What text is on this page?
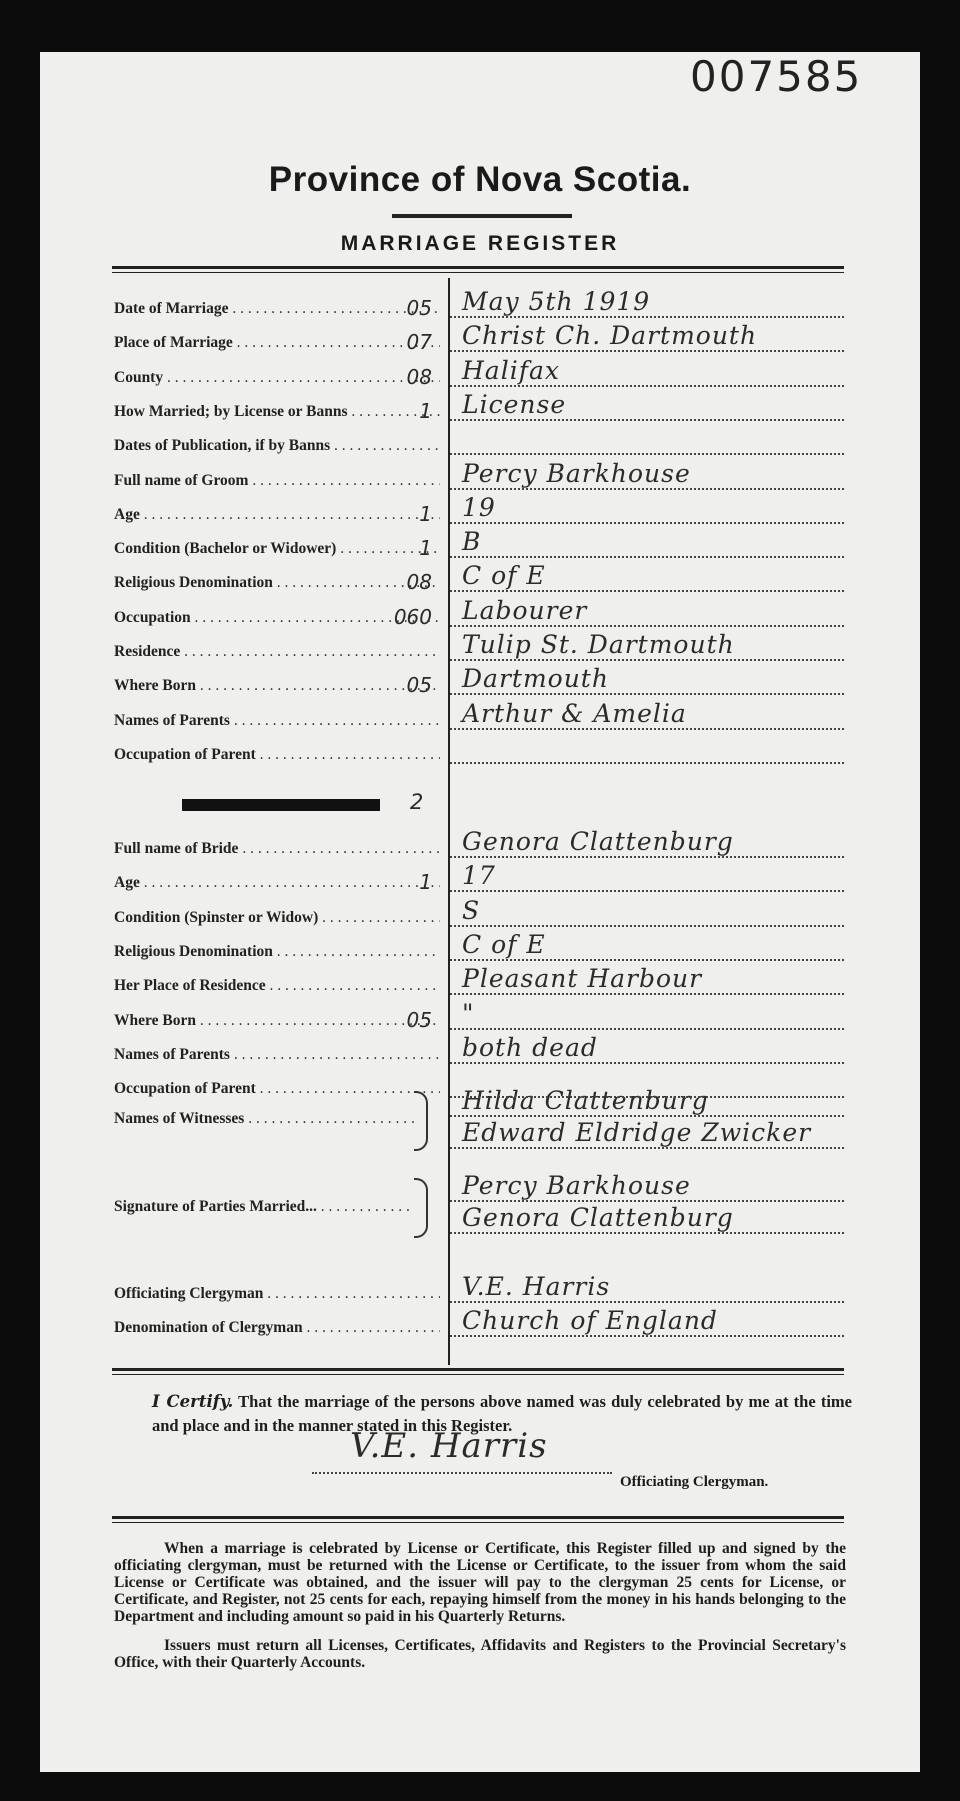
007585
Province of Nova Scotia.
MARRIAGE REGISTER
2
Names of Witnesses . . .
Hilda Clattenburg
Edward Eldridge Zwicker
Signature of Parties Married... . . .
Percy Barkhouse
Genora Clattenburg
I Certify. That the marriage of the persons above named was duly celebrated by me at the time and place and in the manner stated in this Register.
V.E. Harris
Officiating Clergyman.

When a marriage is celebrated by License or Certificate, this Register filled up and signed by the officiating clergyman, must be returned with the License or Certificate, to the issuer from whom the said License or Certificate was obtained, and the issuer will pay to the clergyman 25 cents for License, or Certificate, and Register, not 25 cents for each, repaying himself from the money in his hands belonging to the Department and including amount so paid in his Quarterly Returns.

Issuers must return all Licenses, Certificates, Affidavits and Registers to the Provincial Secretary's Office, with their Quarterly Accounts.

Date of Marriage . . .	05 May 5th 1919
Place of Marriage . . .	07 Christ Ch. Dartmouth
County . . .	08 Halifax
How Married; by License or Banns . . .	1 License
Dates of Publication, if by Banns . . .
Full name of Groom . . .	Percy Barkhouse
Age . . .	1 19
Condition (Bachelor or Widower) . . .	1 B
Religious Denomination . . .	08 C of E
Occupation . . .	060 Labourer
Residence . . .	Tulip St. Dartmouth
Where Born . . .	05 Dartmouth
Names of Parents . . .	Arthur & Amelia
Occupation of Parent . . .
Full name of Bride . . .	Genora Clattenburg
Age . . .	1 17
Condition (Spinster or Widow) . . .	S
Religious Denomination . . .	C of E
Her Place of Residence . . .	Pleasant Harbour
Where Born . . .	05 "
Names of Parents . . .	both dead
Occupation of Parent . . .
Officiating Clergyman . . .	V.E. Harris
Denomination of Clergyman . . .	Church of England
